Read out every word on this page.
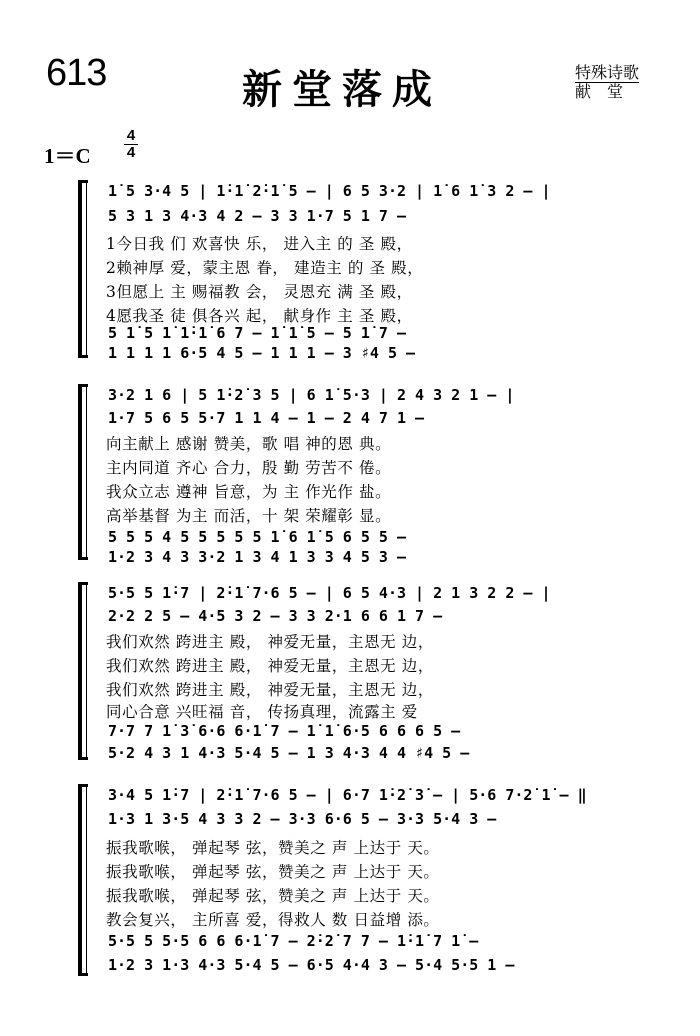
613	新堂落成	特殊诗歌
献　堂
1＝C
4
4
1̇ 5 3·4 5 | 1̇·1̇ 2̇·1̇ 5 – | 6 5 3·2 | 1̇ 6 1̇ 3 2 – |
5 3 1 3 4·3 4 2 – 3 3 1·7 5 1 7 –
1今日我 们 欢喜快 乐， 进入主 的 圣 殿，
2赖神厚 爱，蒙主恩 眷， 建造主 的 圣 殿，
3但愿上 主 赐福教 会， 灵恩充 满 圣 殿，
4愿我圣 徒 俱各兴 起， 献身作 主 圣 殿，
5 1̇ 5 1̇ 1̇·1̇ 6 7 – 1̇ 1̇ 5 – 5 1̇ 7 –
1 1 1 1 6·5 4 5 – 1 1 1 – 3 ♯4 5 –
3·2 1 6 | 5 1̇·2̇ 3 5 | 6 1̇ 5·3 | 2 4 3 2 1 – |
1·7 5 6 5 5·7 1 1 4 – 1 – 2 4 7 1 –
向主献上 感谢 赞美，歌 唱 神的恩 典。
主内同道 齐心 合力，殷 勤 劳苦不 倦。
我众立志 遵神 旨意，为 主 作光作 盐。
高举基督 为主 而活，十 架 荣耀彰 显。
5 5 5 4 5 5 5 5 5 1̇ 6 1̇ 5 6 5 5 –
1·2 3 4 3 3·2 1 3 4 1 3 3 4 5 3 –
5·5 5 1̇·7 | 2̇·1̇ 7·6 5 – | 6 5 4·3 | 2 1 3 2 2 – |
2·2 2 5 – 4·5 3 2 – 3 3 2·1 6 6 1 7 –
我们欢然 跨进主 殿， 神爱无量，主恩无 边，
我们欢然 跨进主 殿， 神爱无量，主恩无 边，
我们欢然 跨进主 殿， 神爱无量，主恩无 边，
同心合意 兴旺福 音， 传扬真理，流露主 爱
7·7 7 1̇ 3̇ 6·6 6·1̇ 7 – 1̇ 1̇ 6·5 6 6 6 5 –
5·2 4 3 1 4·3 5·4 5 – 1 3 4·3 4 4 ♯4 5 –
3·4 5 1̇·7 | 2̇·1̇ 7·6 5 – | 6·7 1̇·2̇ 3̇ – | 5·6 7·2̇ 1̇ – ‖
1·3 1 3·5 4 3 3 2 – 3·3 6·6 5 – 3·3 5·4 3 –
振我歌喉， 弹起琴 弦，赞美之 声 上达于 天。
振我歌喉， 弹起琴 弦，赞美之 声 上达于 天。
振我歌喉， 弹起琴 弦，赞美之 声 上达于 天。
教会复兴， 主所喜 爱，得救人 数 日益增 添。
5·5 5 5·5 6 6 6·1̇ 7 – 2̇·2̇ 7 7 – 1̇·1̇ 7 1̇ –
1·2 3 1·3 4·3 5·4 5 – 6·5 4·4 3 – 5·4 5·5 1 –
